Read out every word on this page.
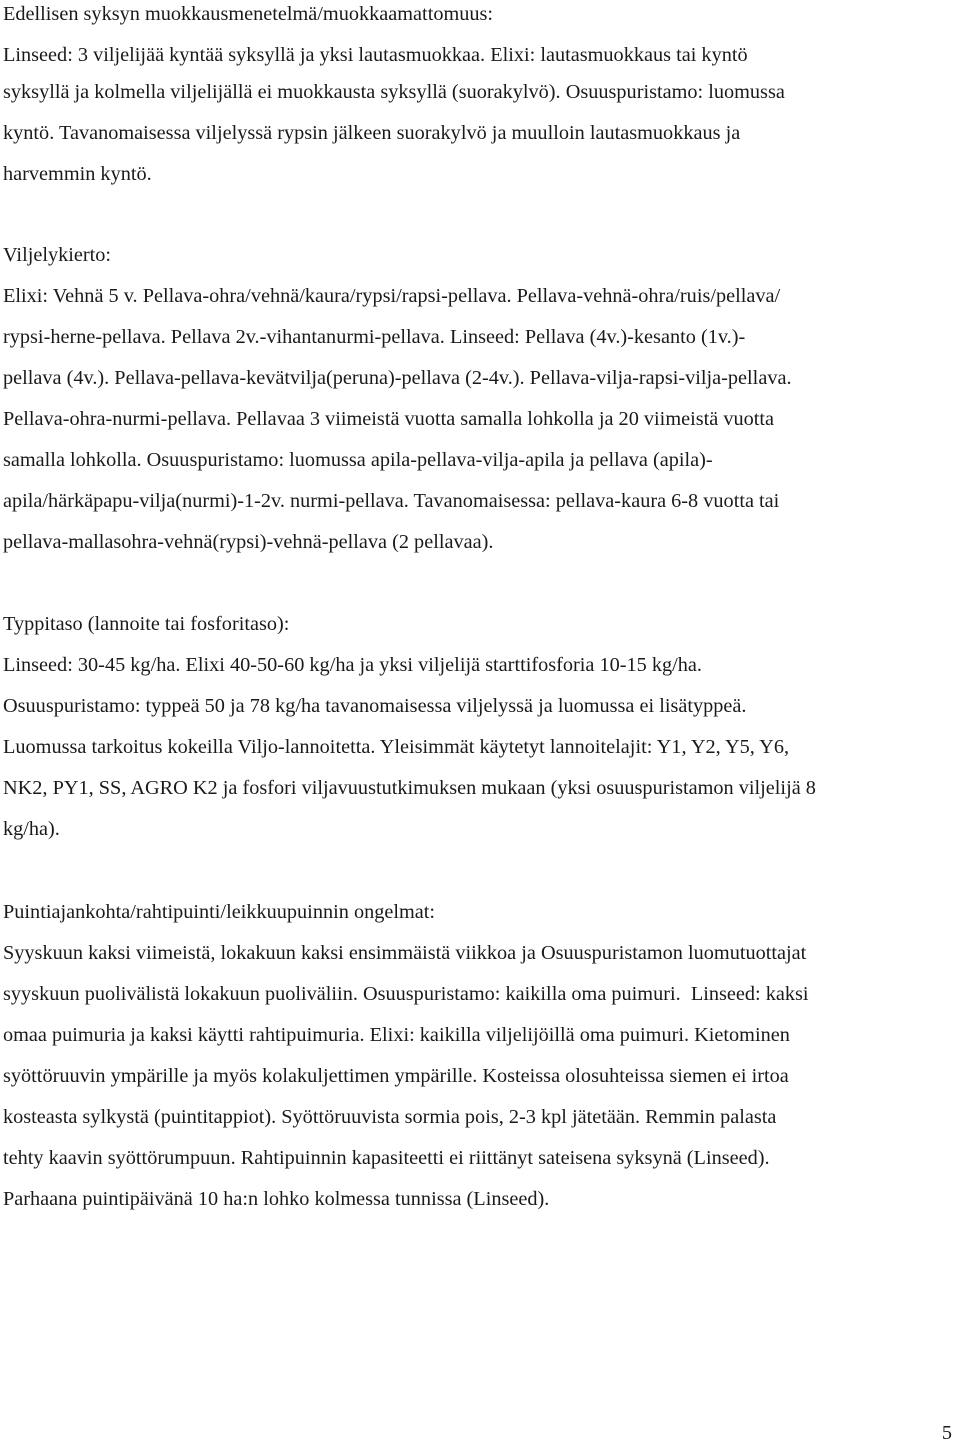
Edellisen syksyn muokkausmenetelmä/muokkaamattomuus:

Linseed: 3 viljelijää kyntää syksyllä ja yksi lautasmuokkaa. Elixi: lautasmuokkaus tai kyntö

syksyllä ja kolmella viljelijällä ei muokkausta syksyllä (suorakylvö). Osuuspuristamo: luomussa

kyntö. Tavanomaisessa viljelyssä rypsin jälkeen suorakylvö ja muulloin lautasmuokkaus ja

harvemmin kyntö.

Viljelykierto:

Elixi: Vehnä 5 v. Pellava-ohra/vehnä/kaura/rypsi/rapsi-pellava. Pellava-vehnä-ohra/ruis/pellava/

rypsi-herne-pellava. Pellava 2v.-vihantanurmi-pellava. Linseed: Pellava (4v.)-kesanto (1v.)-

pellava (4v.). Pellava-pellava-kevätvilja(peruna)-pellava (2-4v.). Pellava-vilja-rapsi-vilja-pellava.

Pellava-ohra-nurmi-pellava. Pellavaa 3 viimeistä vuotta samalla lohkolla ja 20 viimeistä vuotta

samalla lohkolla. Osuuspuristamo: luomussa apila-pellava-vilja-apila ja pellava (apila)-

apila/härkäpapu-vilja(nurmi)-1-2v. nurmi-pellava. Tavanomaisessa: pellava-kaura 6-8 vuotta tai

pellava-mallasohra-vehnä(rypsi)-vehnä-pellava (2 pellavaa).

Typpitaso (lannoite tai fosforitaso):

Linseed: 30-45 kg/ha. Elixi 40-50-60 kg/ha ja yksi viljelijä starttifosforia 10-15 kg/ha.

Osuuspuristamo: typpeä 50 ja 78 kg/ha tavanomaisessa viljelyssä ja luomussa ei lisätyppeä.

Luomussa tarkoitus kokeilla Viljo-lannoitetta. Yleisimmät käytetyt lannoitelajit: Y1, Y2, Y5, Y6,

NK2, PY1, SS, AGRO K2 ja fosfori viljavuustutkimuksen mukaan (yksi osuuspuristamon viljelijä 8

kg/ha).

Puintiajankohta/rahtipuinti/leikkuupuinnin ongelmat:

Syyskuun kaksi viimeistä, lokakuun kaksi ensimmäistä viikkoa ja Osuuspuristamon luomutuottajat

syyskuun puolivälistä lokakuun puoliväliin. Osuuspuristamo: kaikilla oma puimuri.  Linseed: kaksi

omaa puimuria ja kaksi käytti rahtipuimuria. Elixi: kaikilla viljelijöillä oma puimuri. Kietominen

syöttöruuvin ympärille ja myös kolakuljettimen ympärille. Kosteissa olosuhteissa siemen ei irtoa

kosteasta sylkystä (puintitappiot). Syöttöruuvista sormia pois, 2-3 kpl jätetään. Remmin palasta

tehty kaavin syöttörumpuun. Rahtipuinnin kapasiteetti ei riittänyt sateisena syksynä (Linseed).

Parhaana puintipäivänä 10 ha:n lohko kolmessa tunnissa (Linseed).

5
